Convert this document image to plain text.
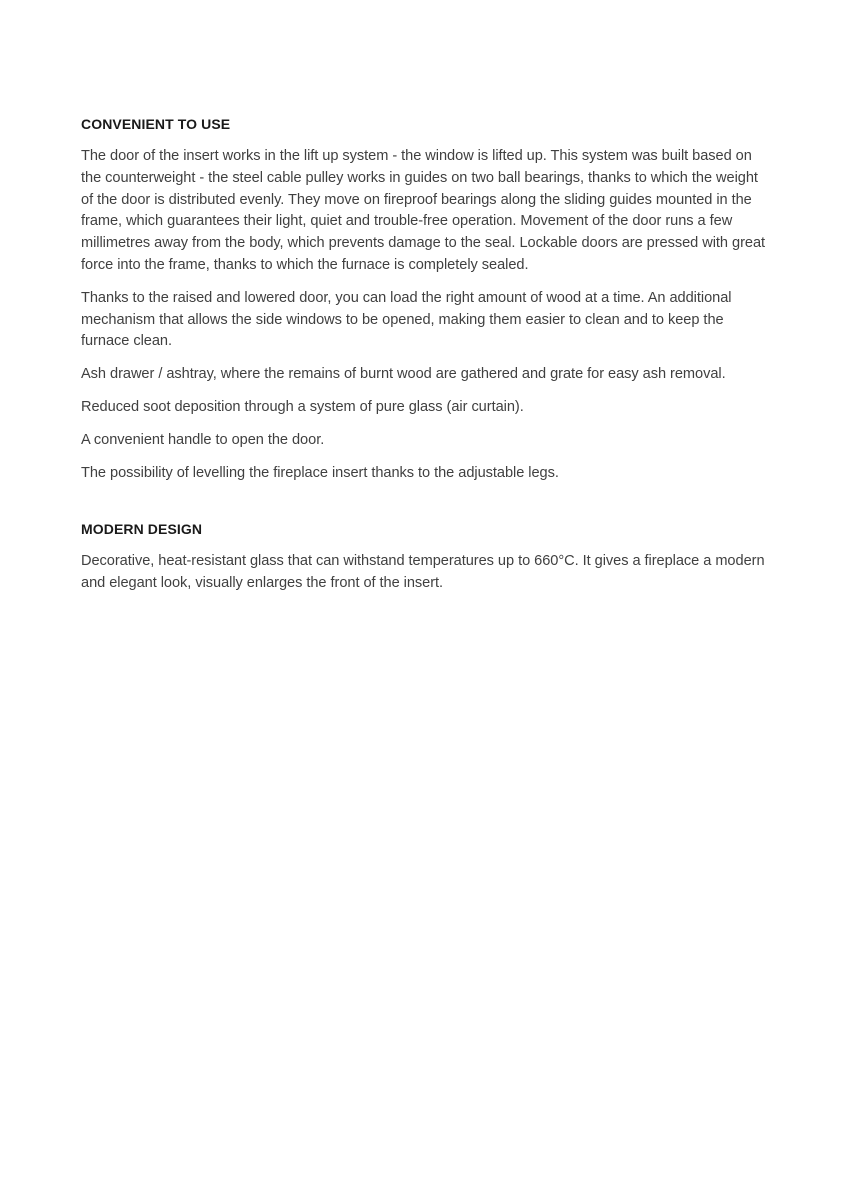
CONVENIENT TO USE

The door of the insert works in the lift up system - the window is lifted up. This system was built based on the counterweight - the steel cable pulley works in guides on two ball bearings, thanks to which the weight of the door is distributed evenly. They move on fireproof bearings along the sliding guides mounted in the frame, which guarantees their light, quiet and trouble-free operation. Movement of the door runs a few millimetres away from the body, which prevents damage to the seal. Lockable doors are pressed with great force into the frame, thanks to which the furnace is completely sealed.

Thanks to the raised and lowered door, you can load the right amount of wood at a time. An additional mechanism that allows the side windows to be opened, making them easier to clean and to keep the furnace clean.

Ash drawer / ashtray, where the remains of burnt wood are gathered and grate for easy ash removal.

Reduced soot deposition through a system of pure glass (air curtain).

A convenient handle to open the door.

The possibility of levelling the fireplace insert thanks to the adjustable legs.

MODERN DESIGN

Decorative, heat-resistant glass that can withstand temperatures up to 660°C. It gives a fireplace a modern and elegant look, visually enlarges the front of the insert.
